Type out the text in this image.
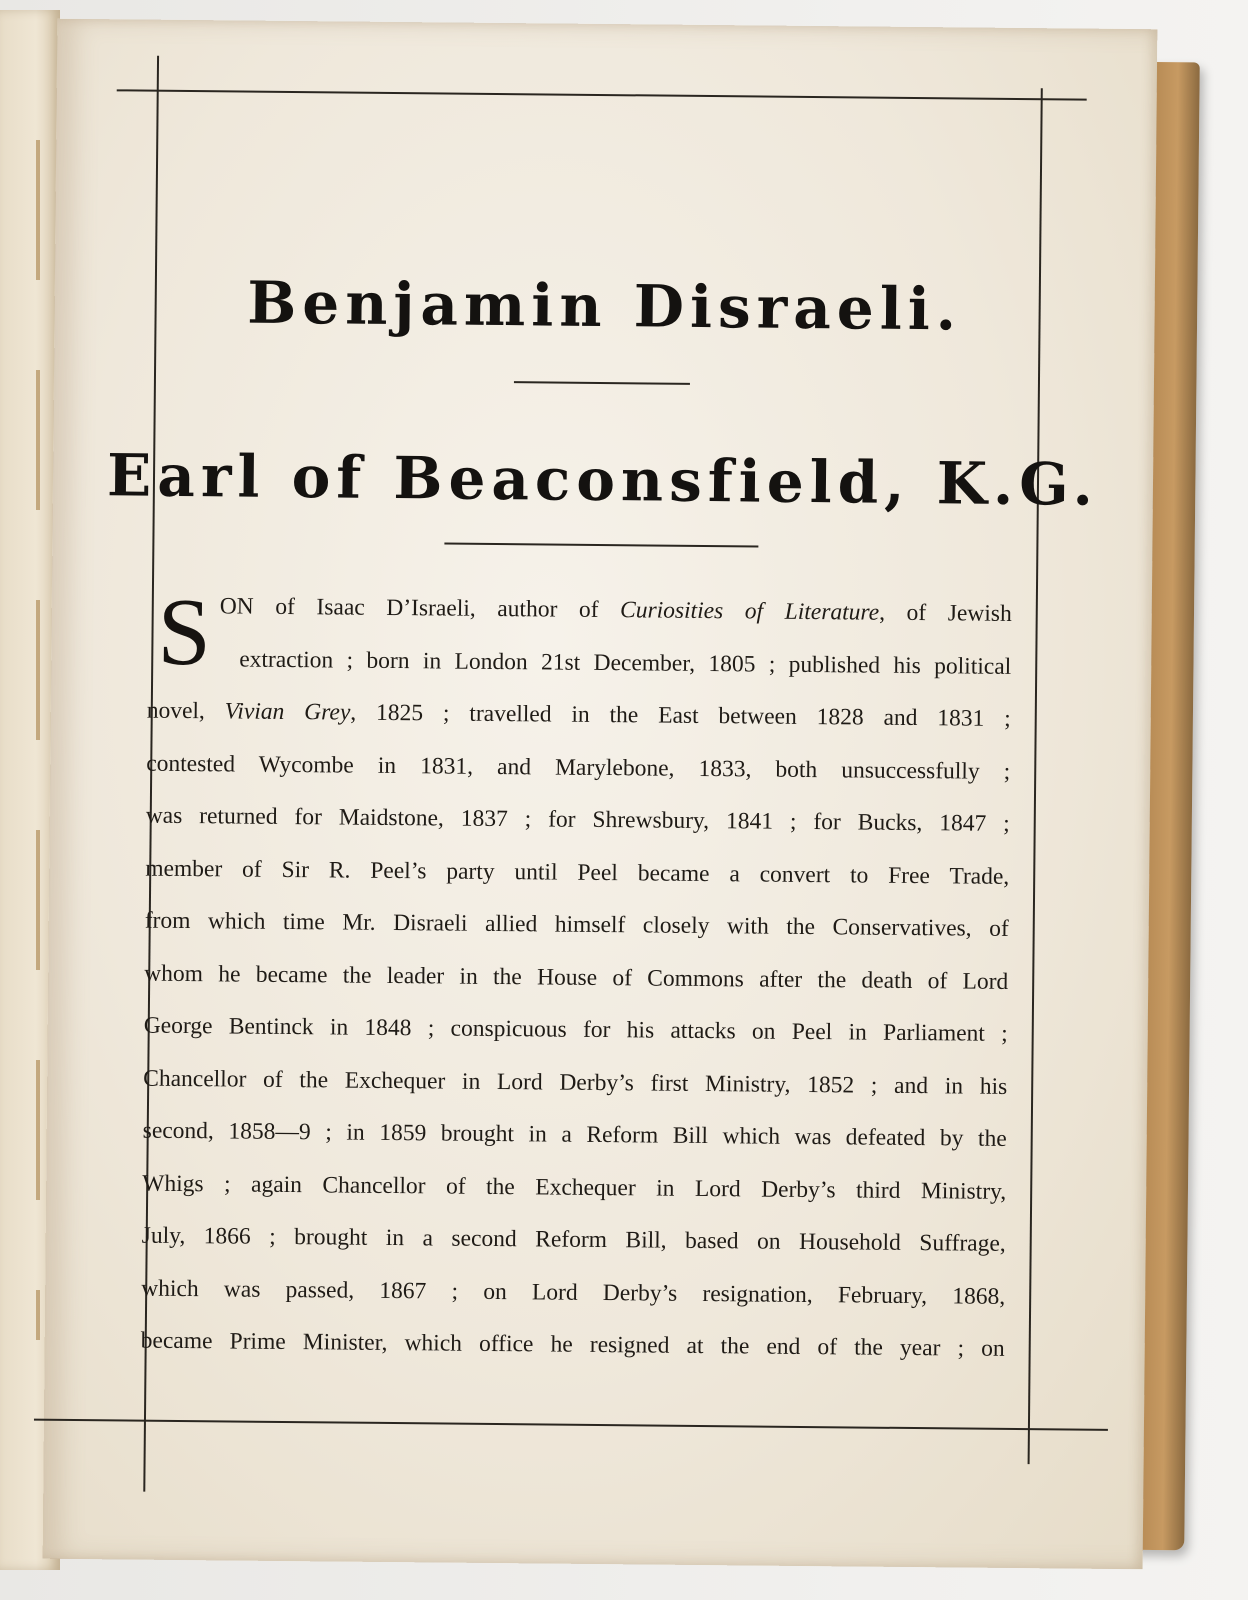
Benjamin Disraeli.
Earl of Beaconsfield, K.G.
S ON of Isaac D’Israeli, author of Curiosities of Literature, of Jewish
extraction ; born in London 21st December, 1805 ; published his political
novel, Vivian Grey, 1825 ; travelled in the East between 1828 and 1831 ;
contested Wycombe in 1831, and Marylebone, 1833, both unsuccessfully ;
was returned for Maidstone, 1837 ; for Shrewsbury, 1841 ; for Bucks, 1847 ;
member of Sir R. Peel’s party until Peel became a convert to Free Trade,
from which time Mr. Disraeli allied himself closely with the Conservatives, of
whom he became the leader in the House of Commons after the death of Lord
George Bentinck in 1848 ; conspicuous for his attacks on Peel in Parliament ;
Chancellor of the Exchequer in Lord Derby’s first Ministry, 1852 ; and in his
second, 1858—9 ; in 1859 brought in a Reform Bill which was defeated by the
Whigs ; again Chancellor of the Exchequer in Lord Derby’s third Ministry,
July, 1866 ; brought in a second Reform Bill, based on Household Suffrage,
which was passed, 1867 ; on Lord Derby’s resignation, February, 1868,
became Prime Minister, which office he resigned at the end of the year ; on
